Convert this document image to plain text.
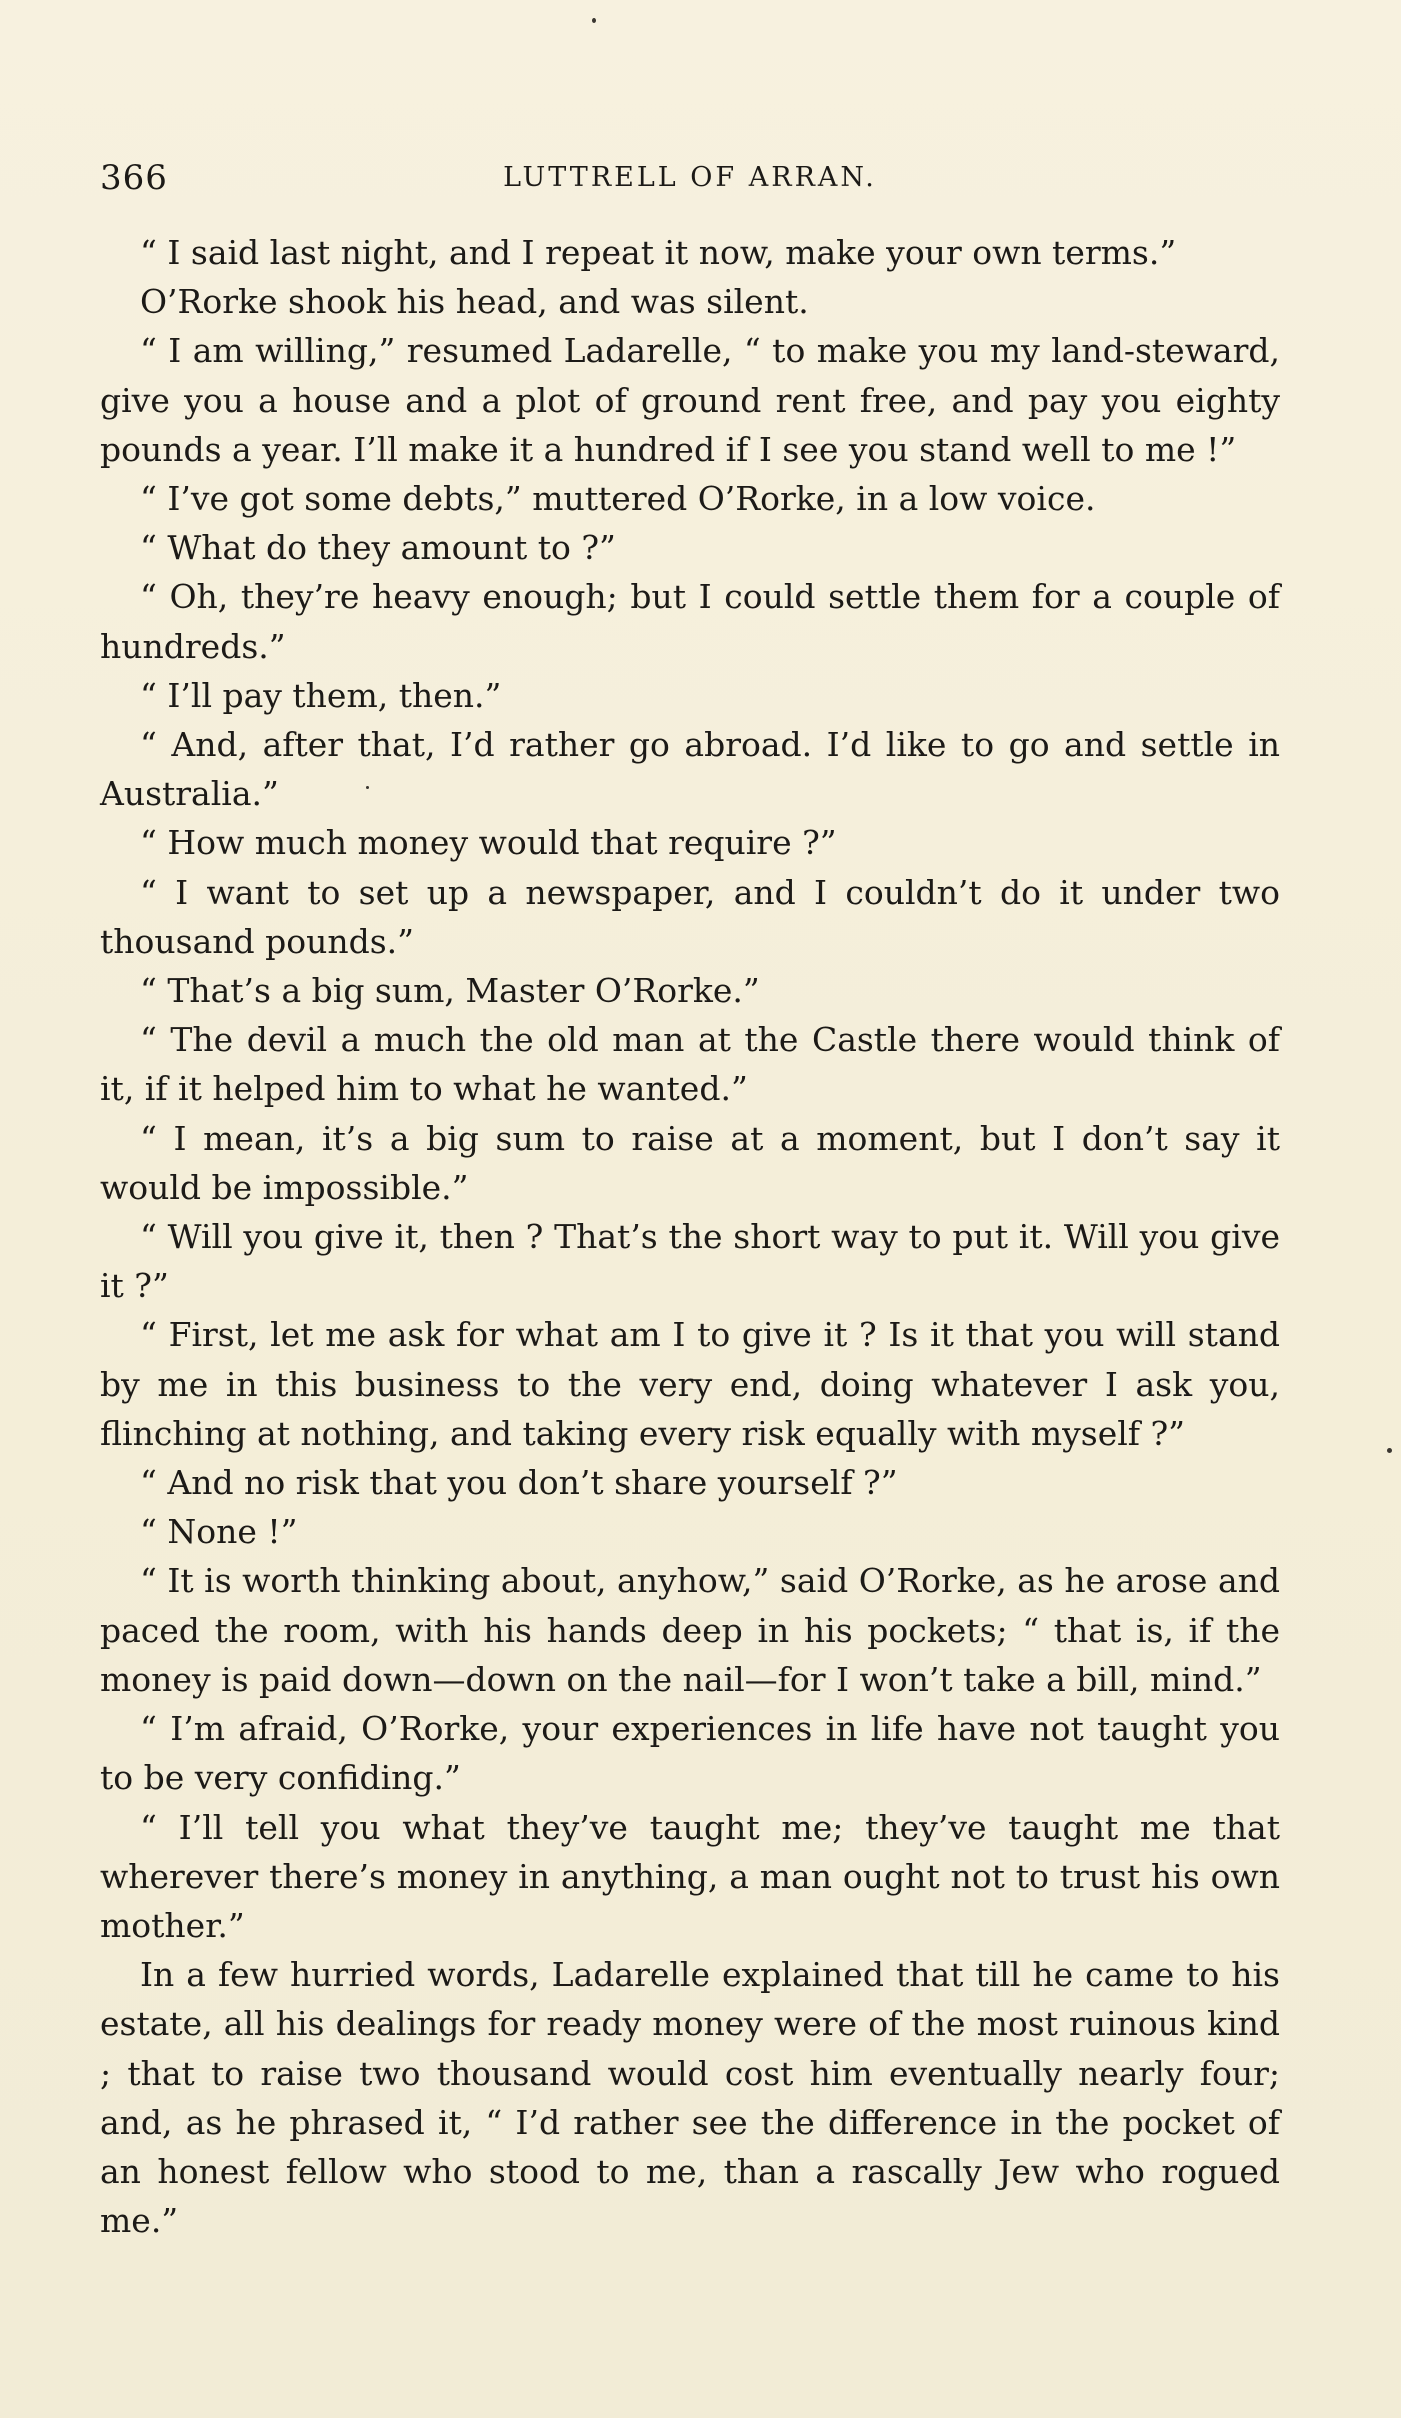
366	LUTTRELL OF ARRAN.

“ I said last night, and I repeat it now, make your own terms.”

O’Rorke shook his head, and was silent.

“ I am willing,” resumed Ladarelle, “ to make you my land-steward, give you a house and a plot of ground rent free, and pay you eighty pounds a year. I’ll make it a hundred if I see you stand well to me !”

“ I’ve got some debts,” muttered O’Rorke, in a low voice.

“ What do they amount to ?”

“ Oh, they’re heavy enough; but I could settle them for a couple of hundreds.”

“ I’ll pay them, then.”

“ And, after that, I’d rather go abroad. I’d like to go and settle in Australia.”

“ How much money would that require ?”

“ I want to set up a newspaper, and I couldn’t do it under two thousand pounds.”

“ That’s a big sum, Master O’Rorke.”

“ The devil a much the old man at the Castle there would think of it, if it helped him to what he wanted.”

“ I mean, it’s a big sum to raise at a moment, but I don’t say it would be impossible.”

“ Will you give it, then ? That’s the short way to put it. Will you give it ?”

“ First, let me ask for what am I to give it ? Is it that you will stand by me in this business to the very end, doing whatever I ask you, flinching at nothing, and taking every risk equally with myself ?”

“ And no risk that you don’t share yourself ?”

“ None !”

“ It is worth thinking about, anyhow,” said O’Rorke, as he arose and paced the room, with his hands deep in his pockets; “ that is, if the money is paid down—down on the nail—for I won’t take a bill, mind.”

“ I’m afraid, O’Rorke, your experiences in life have not taught you to be very confiding.”

“ I’ll tell you what they’ve taught me; they’ve taught me that wherever there’s money in anything, a man ought not to trust his own mother.”

In a few hurried words, Ladarelle explained that till he came to his estate, all his dealings for ready money were of the most ruinous kind ; that to raise two thousand would cost him eventually nearly four; and, as he phrased it, “ I’d rather see the difference in the pocket of an honest fellow who stood to me, than a rascally Jew who rogued me.”
